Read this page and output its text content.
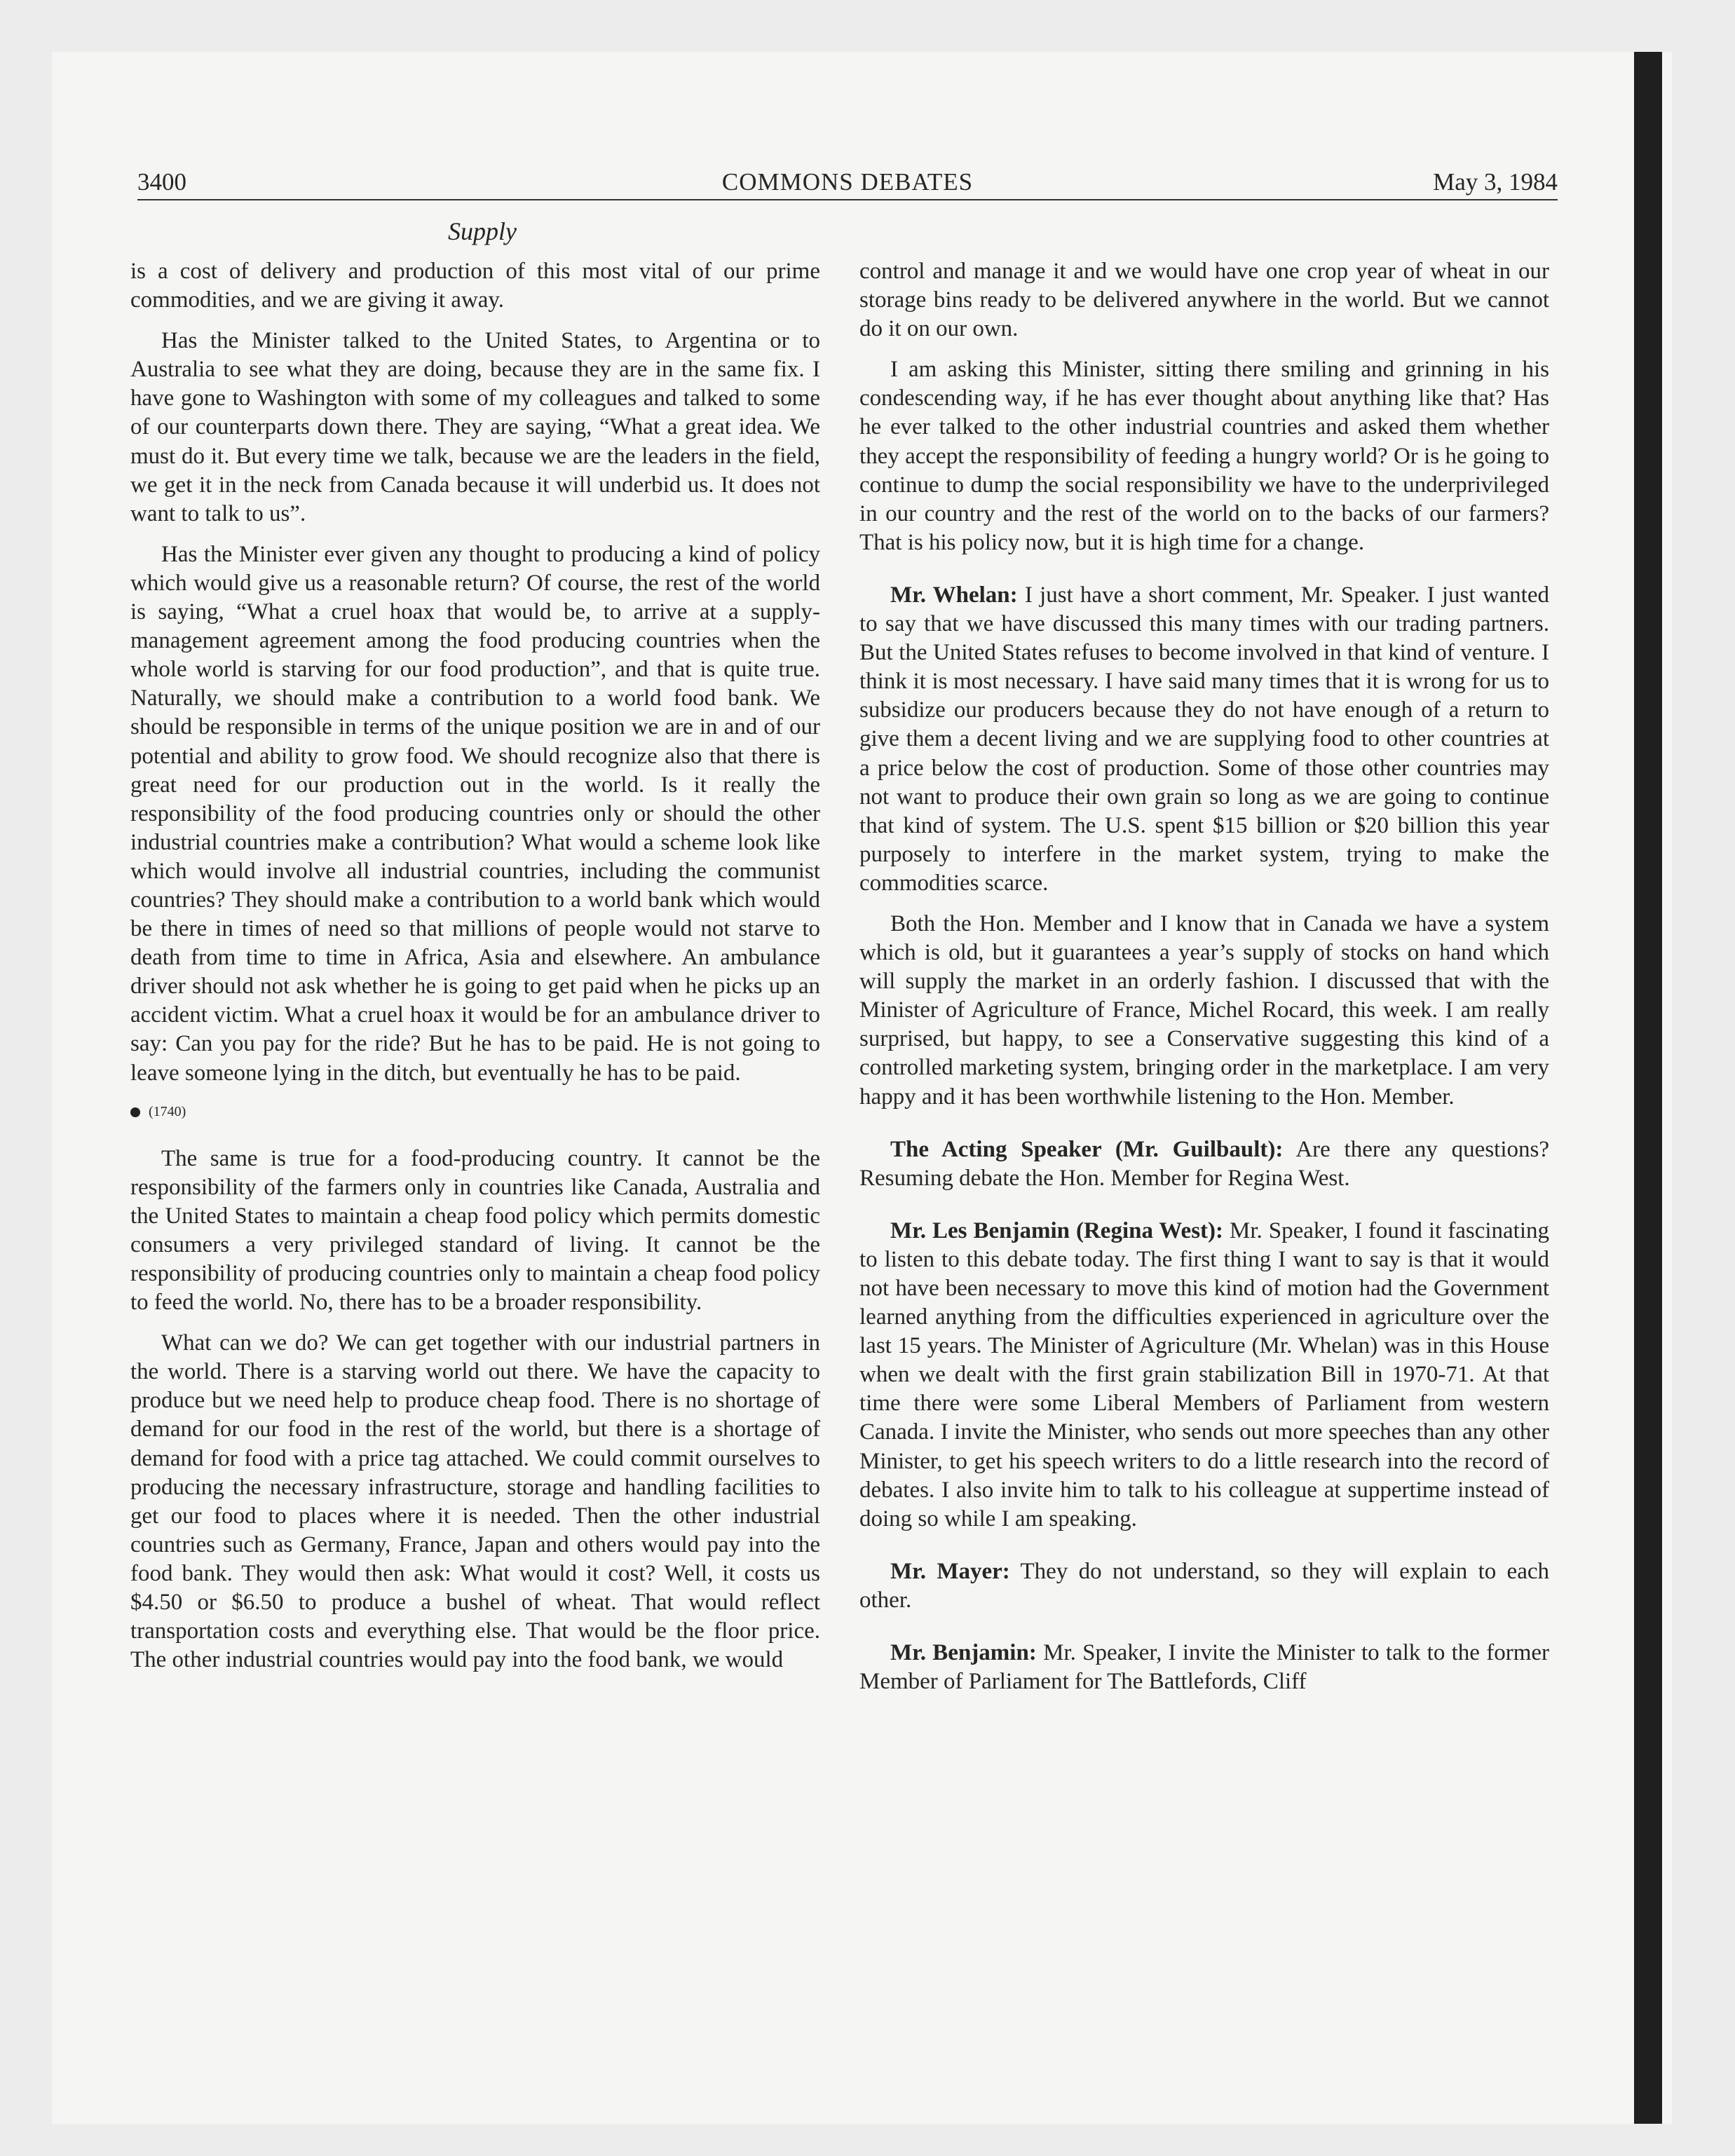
3400	COMMONS DEBATES	May 3, 1984
Supply

is a cost of delivery and production of this most vital of our prime commodities, and we are giving it away.

Has the Minister talked to the United States, to Argentina or to Australia to see what they are doing, because they are in the same fix. I have gone to Washington with some of my colleagues and talked to some of our counterparts down there. They are saying, “What a great idea. We must do it. But every time we talk, because we are the leaders in the field, we get it in the neck from Canada because it will underbid us. It does not want to talk to us”.

Has the Minister ever given any thought to producing a kind of policy which would give us a reasonable return? Of course, the rest of the world is saying, “What a cruel hoax that would be, to arrive at a supply-management agreement among the food producing countries when the whole world is starving for our food production”, and that is quite true. Naturally, we should make a contribution to a world food bank. We should be responsible in terms of the unique position we are in and of our potential and ability to grow food. We should recognize also that there is great need for our production out in the world. Is it really the responsibility of the food producing countries only or should the other industrial countries make a contribution? What would a scheme look like which would involve all industrial countries, including the communist countries? They should make a contribution to a world bank which would be there in times of need so that millions of people would not starve to death from time to time in Africa, Asia and elsewhere. An ambulance driver should not ask whether he is going to get paid when he picks up an accident victim. What a cruel hoax it would be for an ambulance driver to say: Can you pay for the ride? But he has to be paid. He is not going to leave someone lying in the ditch, but eventually he has to be paid.

(1740)

The same is true for a food-producing country. It cannot be the responsibility of the farmers only in countries like Canada, Australia and the United States to maintain a cheap food policy which permits domestic consumers a very privileged standard of living. It cannot be the responsibility of producing countries only to maintain a cheap food policy to feed the world. No, there has to be a broader responsibility.

What can we do? We can get together with our industrial partners in the world. There is a starving world out there. We have the capacity to produce but we need help to produce cheap food. There is no shortage of demand for our food in the rest of the world, but there is a shortage of demand for food with a price tag attached. We could commit ourselves to producing the necessary infrastructure, storage and handling facilities to get our food to places where it is needed. Then the other industrial countries such as Germany, France, Japan and others would pay into the food bank. They would then ask: What would it cost? Well, it costs us $4.50 or $6.50 to produce a bushel of wheat. That would reflect transportation costs and everything else. That would be the floor price. The other industrial countries would pay into the food bank, we would

control and manage it and we would have one crop year of wheat in our storage bins ready to be delivered anywhere in the world. But we cannot do it on our own.

I am asking this Minister, sitting there smiling and grinning in his condescending way, if he has ever thought about anything like that? Has he ever talked to the other industrial countries and asked them whether they accept the responsibility of feeding a hungry world? Or is he going to continue to dump the social responsibility we have to the underprivileged in our country and the rest of the world on to the backs of our farmers? That is his policy now, but it is high time for a change.

Mr. Whelan: I just have a short comment, Mr. Speaker. I just wanted to say that we have discussed this many times with our trading partners. But the United States refuses to become involved in that kind of venture. I think it is most necessary. I have said many times that it is wrong for us to subsidize our producers because they do not have enough of a return to give them a decent living and we are supplying food to other countries at a price below the cost of production. Some of those other countries may not want to produce their own grain so long as we are going to continue that kind of system. The U.S. spent $15 billion or $20 billion this year purposely to interfere in the market system, trying to make the commodities scarce.

Both the Hon. Member and I know that in Canada we have a system which is old, but it guarantees a year’s supply of stocks on hand which will supply the market in an orderly fashion. I discussed that with the Minister of Agriculture of France, Michel Rocard, this week. I am really surprised, but happy, to see a Conservative suggesting this kind of a controlled marketing system, bringing order in the marketplace. I am very happy and it has been worthwhile listening to the Hon. Member.

The Acting Speaker (Mr. Guilbault): Are there any questions? Resuming debate the Hon. Member for Regina West.

Mr. Les Benjamin (Regina West): Mr. Speaker, I found it fascinating to listen to this debate today. The first thing I want to say is that it would not have been necessary to move this kind of motion had the Government learned anything from the difficulties experienced in agriculture over the last 15 years. The Minister of Agriculture (Mr. Whelan) was in this House when we dealt with the first grain stabilization Bill in 1970-71. At that time there were some Liberal Members of Parliament from western Canada. I invite the Minister, who sends out more speeches than any other Minister, to get his speech writers to do a little research into the record of debates. I also invite him to talk to his colleague at suppertime instead of doing so while I am speaking.

Mr. Mayer: They do not understand, so they will explain to each other.

Mr. Benjamin: Mr. Speaker, I invite the Minister to talk to the former Member of Parliament for The Battlefords, Cliff
